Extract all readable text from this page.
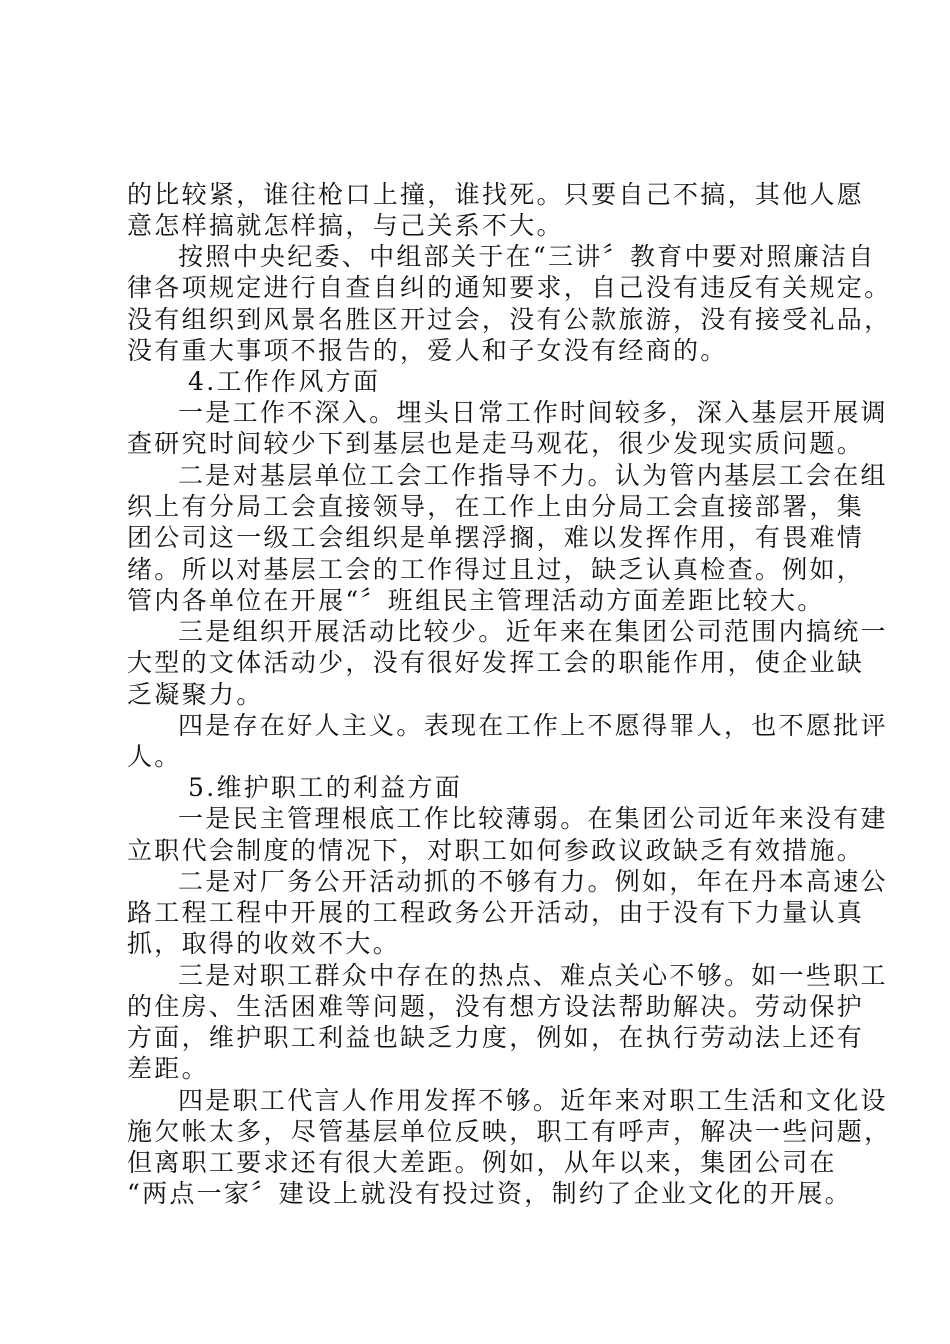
的比较紧，谁往枪口上撞，谁找死。只要自己不搞，其他人愿
意怎样搞就怎样搞，与己关系不大。
按照中央纪委、中组部关于在“三讲〞教育中要对照廉洁自
律各项规定进行自查自纠的通知要求，自己没有违反有关规定。
没有组织到风景名胜区开过会，没有公款旅游，没有接受礼品，
没有重大事项不报告的，爱人和子女没有经商的。
4.工作作风方面
一是工作不深入。埋头日常工作时间较多，深入基层开展调
查研究时间较少下到基层也是走马观花，很少发现实质问题。
二是对基层单位工会工作指导不力。认为管内基层工会在组
织上有分局工会直接领导，在工作上由分局工会直接部署，集
团公司这一级工会组织是单摆浮搁，难以发挥作用，有畏难情
绪。所以对基层工会的工作得过且过，缺乏认真检查。例如，
管内各单位在开展“〞班组民主管理活动方面差距比较大。
三是组织开展活动比较少。近年来在集团公司范围内搞统一
大型的文体活动少，没有很好发挥工会的职能作用，使企业缺
乏凝聚力。
四是存在好人主义。表现在工作上不愿得罪人，也不愿批评
人。
5.维护职工的利益方面
一是民主管理根底工作比较薄弱。在集团公司近年来没有建
立职代会制度的情况下，对职工如何参政议政缺乏有效措施。
二是对厂务公开活动抓的不够有力。例如，年在丹本高速公
路工程工程中开展的工程政务公开活动，由于没有下力量认真
抓，取得的收效不大。
三是对职工群众中存在的热点、难点关心不够。如一些职工
的住房、生活困难等问题，没有想方设法帮助解决。劳动保护
方面，维护职工利益也缺乏力度，例如，在执行劳动法上还有
差距。
四是职工代言人作用发挥不够。近年来对职工生活和文化设
施欠帐太多，尽管基层单位反映，职工有呼声，解决一些问题，
但离职工要求还有很大差距。例如，从年以来，集团公司在
“两点一家〞建设上就没有投过资，制约了企业文化的开展。
